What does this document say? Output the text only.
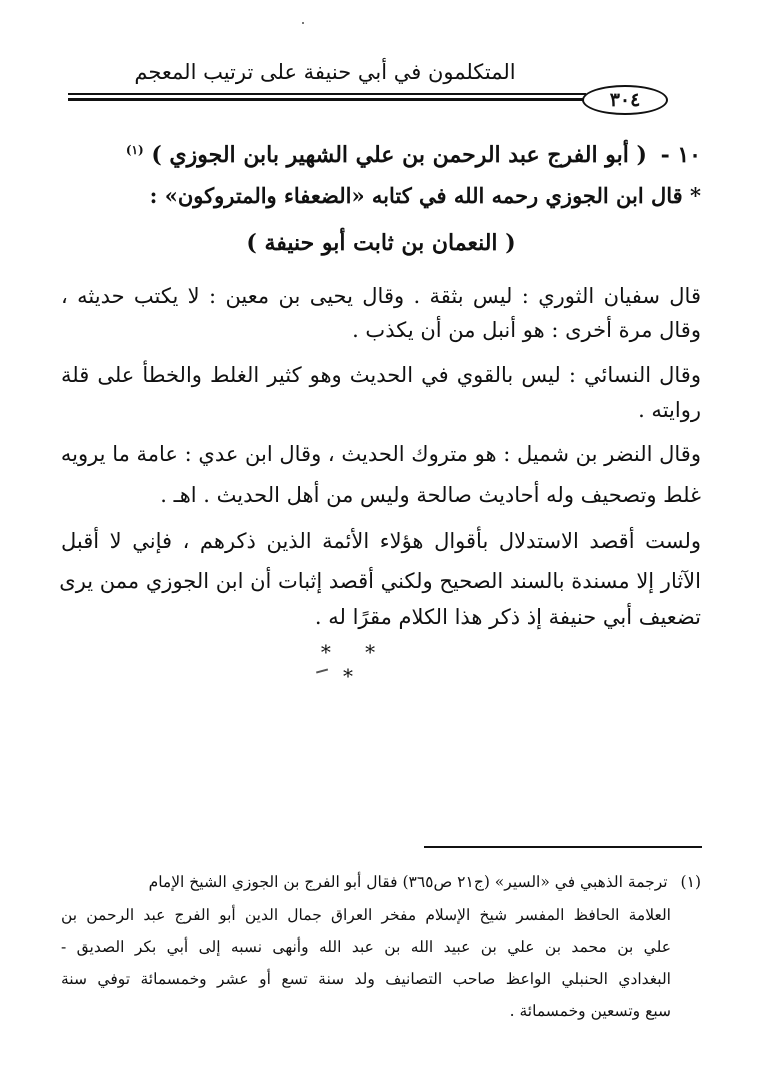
المتكلمون في أبي حنيفة على ترتيب المعجم
٣٠٤
١٠ - ( أبو الفرج عبد الرحمن بن علي الشهير بابن الجوزي ) $^{(١)}$
* قال ابن الجوزي رحمه الله في كتابه «الضعفاء والمتروكون» :
( النعمان بن ثابت أبو حنيفة )
قال سفيان الثوري : ليس بثقة . وقال يحيى بن معين : لا يكتب حديثه ،
وقال مرة أخرى : هو أنبل من أن يكذب .
وقال النسائي : ليس بالقوي في الحديث وهو كثير الغلط والخطأ على قلة
روايته .
وقال النضر بن شميل : هو متروك الحديث ، وقال ابن عدي : عامة ما يرويه
غلط وتصحيف وله أحاديث صالحة وليس من أهل الحديث . اهـ .
ولست أقصد الاستدلال بأقوال هؤلاء الأئمة الذين ذكرهم ، فإني لا أقبل
الآثار إلا مسندة بالسند الصحيح ولكني أقصد إثبات أن ابن الجوزي ممن يرى
تضعيف أبي حنيفة إذ ذكر هذا الكلام مقرًا له .
* * *
(١) ترجمة الذهبي في «السير» (ج٢١ ص٣٦٥) فقال أبو الفرج بن الجوزي الشيخ الإمام
العلامة الحافظ المفسر شيخ الإسلام مفخر العراق جمال الدين أبو الفرج عبد الرحمن بن
علي بن محمد بن علي بن عبيد الله بن عبد الله وأنهى نسبه إلى أبي بكر الصديق -
البغدادي الحنبلي الواعظ صاحب التصانيف ولد سنة تسع أو عشر وخمسمائة توفي سنة
سبع وتسعين وخمسمائة .
